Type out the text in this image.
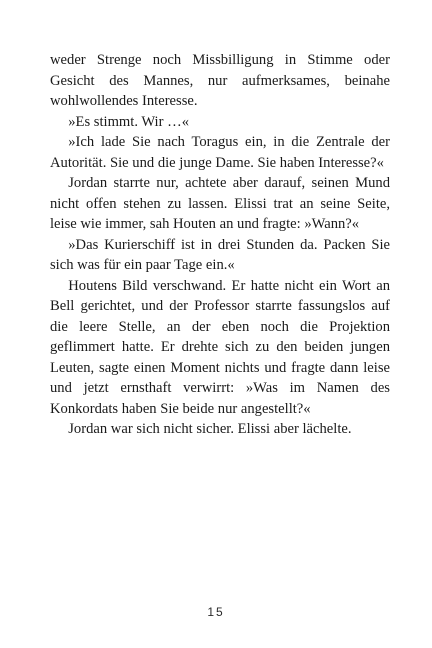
weder Strenge noch Missbilligung in Stimme oder Gesicht des Mannes, nur aufmerksames, beinahe wohlwollendes Interesse.

»Es stimmt. Wir …«

»Ich lade Sie nach Toragus ein, in die Zentrale der Autorität. Sie und die junge Dame. Sie haben Interesse?«

Jordan starrte nur, achtete aber darauf, seinen Mund nicht offen stehen zu lassen. Elissi trat an seine Seite, leise wie immer, sah Houten an und fragte: »Wann?«

»Das Kurierschiff ist in drei Stunden da. Packen Sie sich was für ein paar Tage ein.«

Houtens Bild verschwand. Er hatte nicht ein Wort an Bell gerichtet, und der Professor starrte fassungslos auf die leere Stelle, an der eben noch die Projektion geflimmert hatte. Er drehte sich zu den beiden jungen Leuten, sagte einen Moment nichts und fragte dann leise und jetzt ernsthaft verwirrt: »Was im Namen des Konkordats haben Sie beide nur angestellt?«

Jordan war sich nicht sicher. Elissi aber lächelte.

15
